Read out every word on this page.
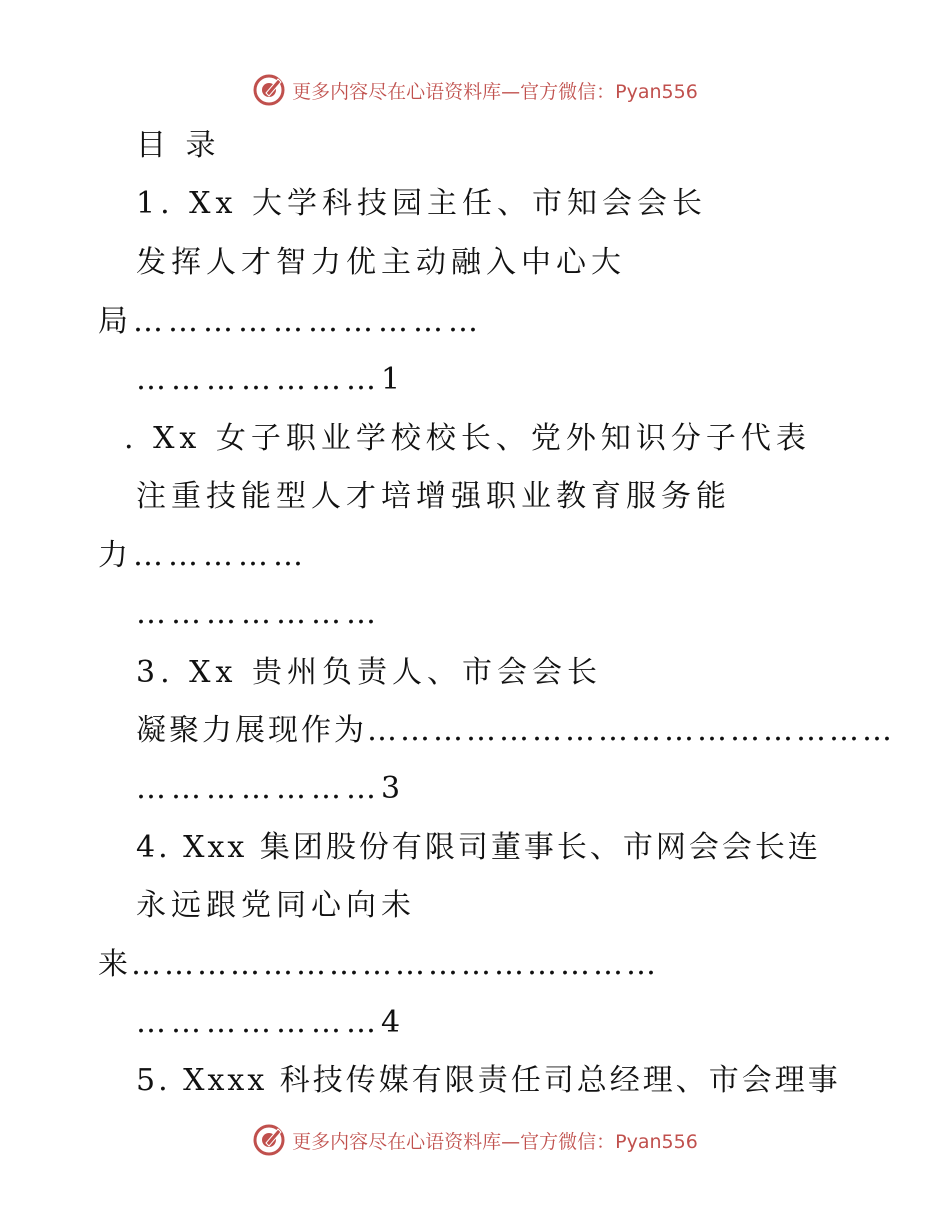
更多内容尽在心语资料库—官方微信：Pyan556
目 录
1. Xx 大学科技园主任、市知会会长
发挥人才智力优主动融入中心大
局…………………………
…………………1
. Xx 女子职业学校校长、党外知识分子代表
注重技能型人才培增强职业教育服务能
力……………
…………………
3. Xx 贵州负责人、市会会长
凝聚力展现作为…………………………………………
…………………3
4. Xxx 集团股份有限司董事长、市网会会长连
永远跟党同心向未
来…………………………………………
…………………4
5. Xxxx 科技传媒有限责任司总经理、市会理事
更多内容尽在心语资料库—官方微信：Pyan556
